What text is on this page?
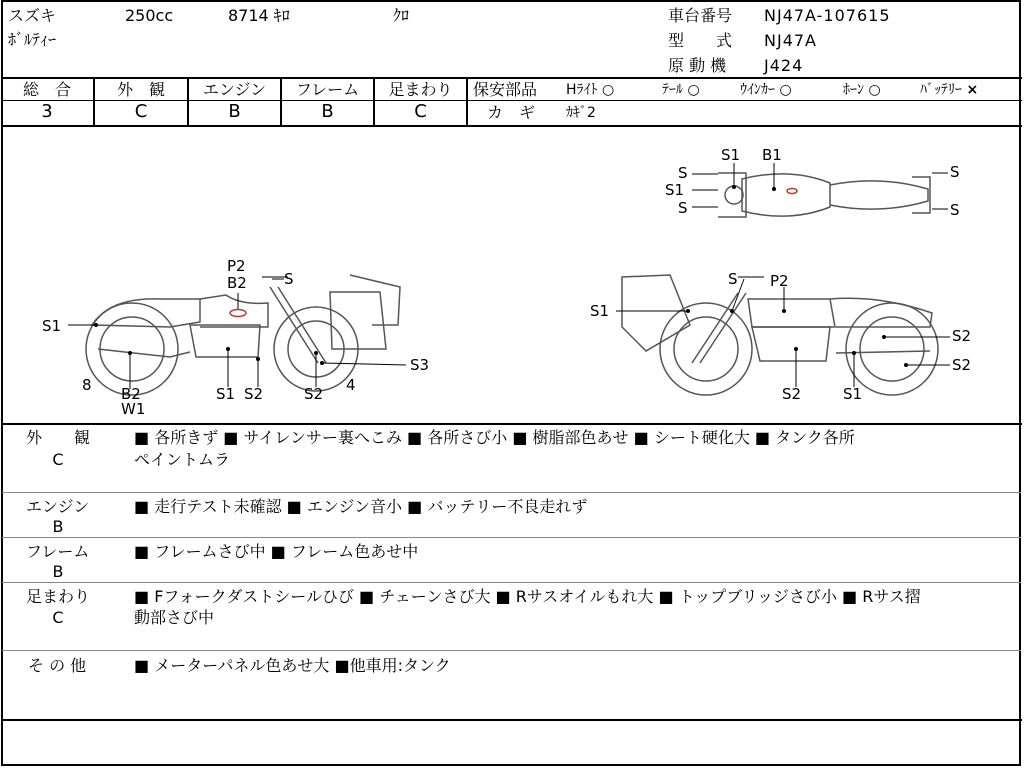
スズキ	250cc	8714 ｷﾛ	ｸﾛ
ﾎﾞﾙﾃｨｰ
車台番号 NJ47A-107615
型　　式 NJ47A
原 動 機 J424
総　合	外　観	エンジン	フレーム	足まわり
3	C	B	B	C
保安部品 Hﾗｲﾄ ○	ﾃｰﾙ ○	ｳｲﾝｶｰ ○	ﾎｰﾝ ○	ﾊﾞｯﾃﾘｰ ×
カ　ギ ｶｷﾞ2
P2
B2 S
S1
8 B2
W1
S1 S2	S2 4
S3
S P2
S1
S2
S2
S2	S1
S1 B1
S
S1
S
S
S
外　　観
C
■ 各所きず ■ サイレンサー裏へこみ ■ 各所さび小 ■ 樹脂部色あせ ■ シート硬化大 ■ タンク各所
ペイントムラ
エンジン
B
■ 走行テスト未確認 ■ エンジン音小 ■ バッテリー不良走れず
フレーム
B
■ フレームさび中 ■ フレーム色あせ中
足まわり
C
■ Fフォークダストシールひび ■ チェーンさび大 ■ Rサスオイルもれ大 ■ トップブリッジさび小 ■ Rサス摺
動部さび中
そ の 他	■ メーターパネル色あせ大 ■他車用:タンク
